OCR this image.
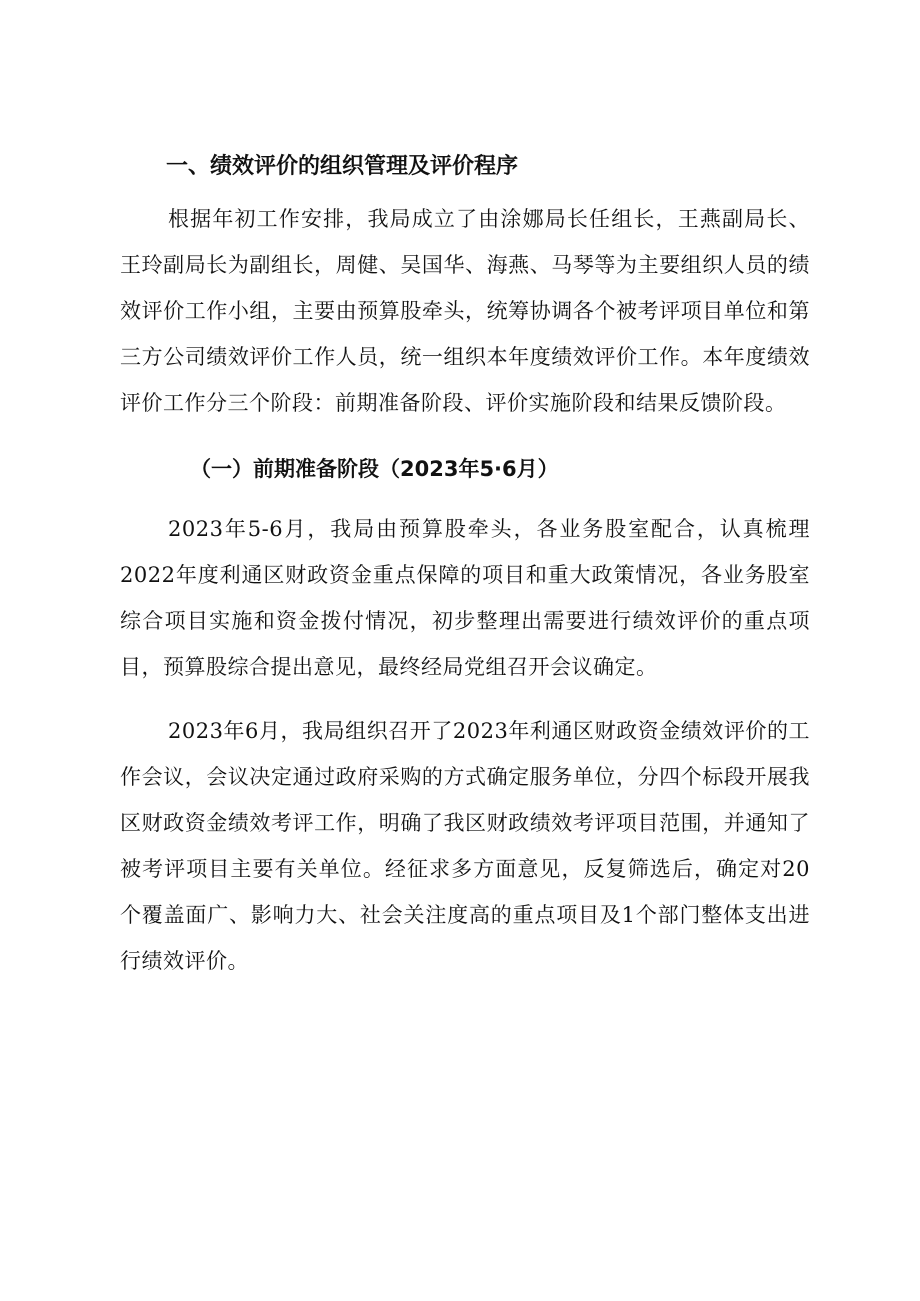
一、绩效评价的组织管理及评价程序

根据年初工作安排，我局成立了由涂娜局长任组长，王燕副局长、王玲副局长为副组长，周健、吴国华、海燕、马琴等为主要组织人员的绩效评价工作小组，主要由预算股牵头，统筹协调各个被考评项目单位和第三方公司绩效评价工作人员，统一组织本年度绩效评价工作。本年度绩效评价工作分三个阶段：前期准备阶段、评价实施阶段和结果反馈阶段。

（一）前期准备阶段（2023年5·6月）

2023年5-6月，我局由预算股牵头，各业务股室配合，认真梳理2022年度利通区财政资金重点保障的项目和重大政策情况，各业务股室综合项目实施和资金拨付情况，初步整理出需要进行绩效评价的重点项目，预算股综合提出意见，最终经局党组召开会议确定。

2023年6月，我局组织召开了2023年利通区财政资金绩效评价的工作会议，会议决定通过政府采购的方式确定服务单位，分四个标段开展我区财政资金绩效考评工作，明确了我区财政绩效考评项目范围，并通知了被考评项目主要有关单位。经征求多方面意见，反复筛选后，确定对20个覆盖面广、影响力大、社会关注度高的重点项目及1个部门整体支出进行绩效评价。
